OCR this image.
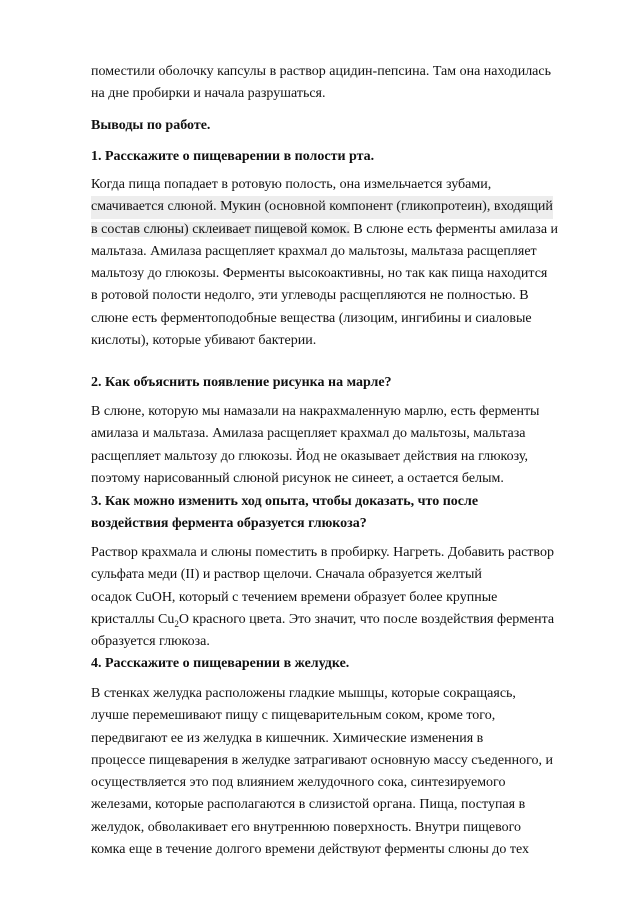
поместили оболочку капсулы в раствор ацидин-пепсина. Там она находилась
на дне пробирки и начала разрушаться.
Выводы по работе.
1. Расскажите о пищеварении в полости рта.
Когда пища попадает в ротовую полость, она измельчается зубами,
смачивается слюной. Мукин (основной компонент (гликопротеин), входящий
в состав слюны) склеивает пищевой комок. В слюне есть ферменты амилаза и
мальтаза. Амилаза расщепляет крахмал до мальтозы, мальтаза расщепляет
мальтозу до глюкозы. Ферменты высокоактивны, но так как пища находится
в ротовой полости недолго, эти углеводы расщепляются не полностью. В
слюне есть ферментоподобные вещества (лизоцим, ингибины и сиаловые
кислоты), которые убивают бактерии.
2. Как объяснить появление рисунка на марле?
В слюне, которую мы намазали на накрахмаленную марлю, есть ферменты
амилаза и мальтаза. Амилаза расщепляет крахмал до мальтозы, мальтаза
расщепляет мальтозу до глюкозы. Йод не оказывает действия на глюкозу,
поэтому нарисованный слюной рисунок не синеет, а остается белым.
3. Как можно изменить ход опыта, чтобы доказать, что после
воздействия фермента образуется глюкоза?
Раствор крахмала и слюны поместить в пробирку. Нагреть. Добавить раствор
сульфата меди (II) и раствор щелочи. Сначала образуется желтый
осадок CuOH, который с течением времени образует более крупные
кристаллы $Cu_2O$ красного цвета. Это значит, что после воздействия фермента
образуется глюкоза.
4. Расскажите о пищеварении в желудке.
В стенках желудка расположены гладкие мышцы, которые сокращаясь,
лучше перемешивают пищу с пищеварительным соком, кроме того,
передвигают ее из желудка в кишечник. Химические изменения в
процессе пищеварения в желудке затрагивают основную массу съеденного, и
осуществляется это под влиянием желудочного сока, синтезируемого
железами, которые располагаются в слизистой органа. Пища, поступая в
желудок, обволакивает его внутреннюю поверхность. Внутри пищевого
комка еще в течение долгого времени действуют ферменты слюны до тех
